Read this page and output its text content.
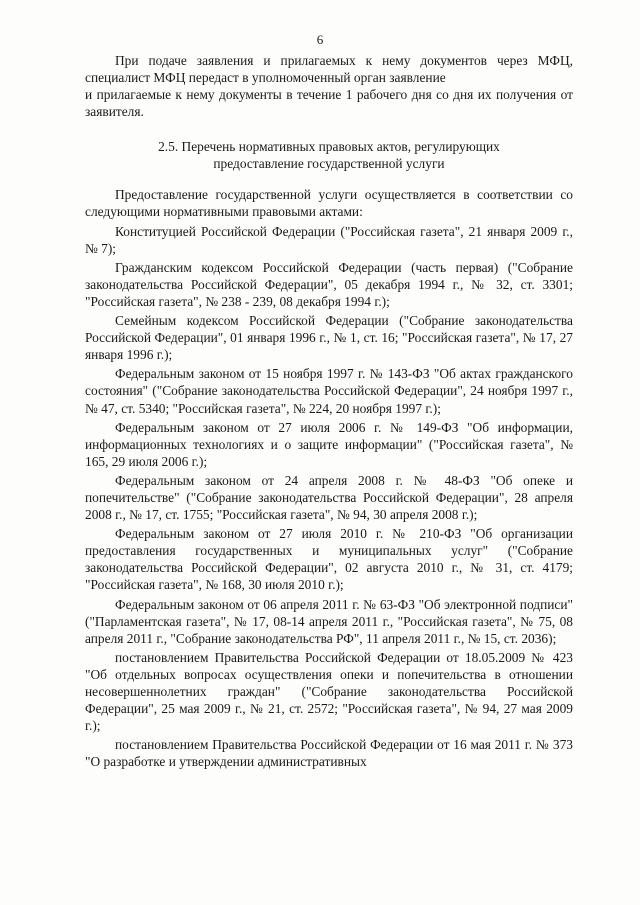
6

При подаче заявления и прилагаемых к нему документов через МФЦ, специалист МФЦ передаст в уполномоченный орган заявление

и прилагаемые к нему документы в течение 1 рабочего дня со дня их получения от заявителя.

2.5. Перечень нормативных правовых актов, регулирующих
предоставление государственной услуги

Предоставление государственной услуги осуществляется в соответствии со следующими нормативными правовыми актами:

Конституцией Российской Федерации ("Российская газета", 21 января 2009 г., № 7);

Гражданским кодексом Российской Федерации (часть первая) ("Собрание законодательства Российской Федерации", 05 декабря 1994 г., № 32, ст. 3301; "Российская газета", № 238 - 239, 08 декабря 1994 г.);

Семейным кодексом Российской Федерации ("Собрание законодательства Российской Федерации", 01 января 1996 г., № 1, ст. 16; "Российская газета", № 17, 27 января 1996 г.);

Федеральным законом от 15 ноября 1997 г. № 143-ФЗ "Об актах гражданского состояния" ("Собрание законодательства Российской Федерации", 24 ноября 1997 г., № 47, ст. 5340; "Российская газета", № 224, 20 ноября 1997 г.);

Федеральным законом от 27 июля 2006 г. № 149-ФЗ "Об информации, информационных технологиях и о защите информации" ("Российская газета", № 165, 29 июля 2006 г.);

Федеральным законом от 24 апреля 2008 г. № 48-ФЗ "Об опеке и попечительстве" ("Собрание законодательства Российской Федерации", 28 апреля 2008 г., № 17, ст. 1755; "Российская газета", № 94, 30 апреля 2008 г.);

Федеральным законом от 27 июля 2010 г. № 210-ФЗ "Об организации предоставления государственных и муниципальных услуг" ("Собрание законодательства Российской Федерации", 02 августа 2010 г., № 31, ст. 4179; "Российская газета", № 168, 30 июля 2010 г.);

Федеральным законом от 06 апреля 2011 г. № 63-ФЗ "Об электронной подписи" ("Парламентская газета", № 17, 08-14 апреля 2011 г., "Российская газета", № 75, 08 апреля 2011 г., "Собрание законодательства РФ", 11 апреля 2011 г., № 15, ст. 2036);

постановлением Правительства Российской Федерации от 18.05.2009 № 423 "Об отдельных вопросах осуществления опеки и попечительства в отношении несовершеннолетних граждан" ("Собрание законодательства Российской Федерации", 25 мая 2009 г., № 21, ст. 2572; "Российская газета", № 94, 27 мая 2009 г.);

постановлением Правительства Российской Федерации от 16 мая 2011 г. № 373 "О разработке и утверждении административных
